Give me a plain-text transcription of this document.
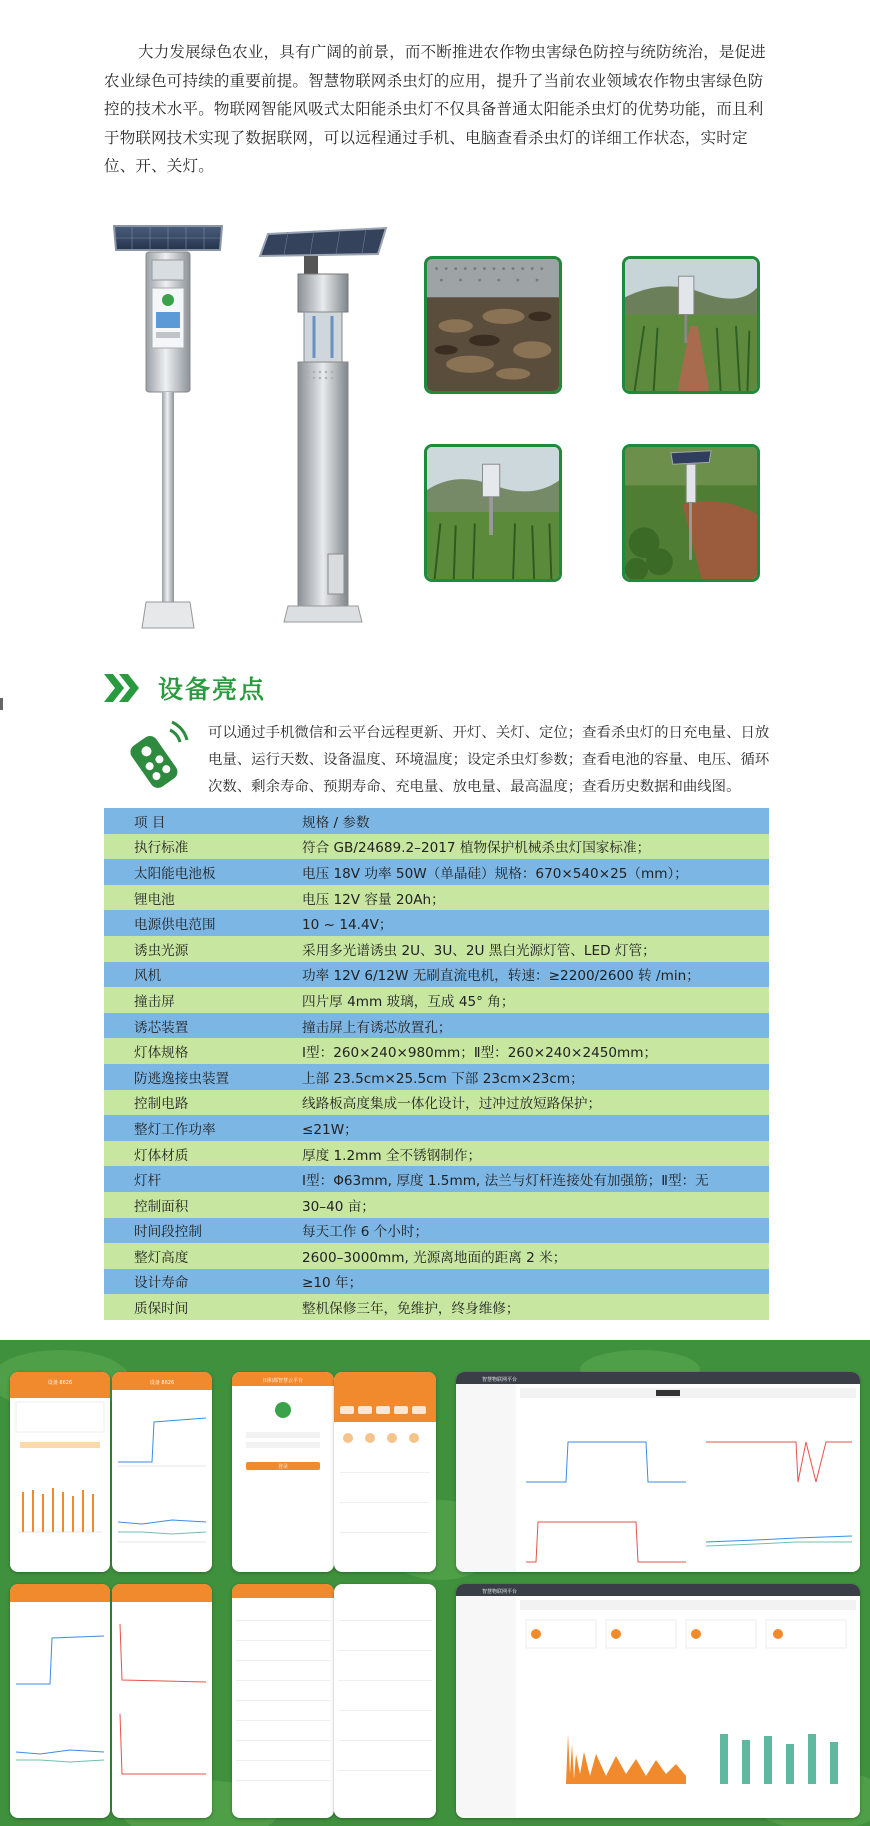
大力发展绿色农业，具有广阔的前景，而不断推进农作物虫害绿色防控与统防统治，是促进农业绿色可持续的重要前提。智慧物联网杀虫灯的应用，提升了当前农业领域农作物虫害绿色防控的技术水平。物联网智能风吸式太阳能杀虫灯不仅具备普通太阳能杀虫灯的优势功能，而且利于物联网技术实现了数据联网，可以远程通过手机、电脑查看杀虫灯的详细工作状态，实时定位、开、关灯。
设备亮点
可以通过手机微信和云平台远程更新、开灯、关灯、定位；查看杀虫灯的日充电量、日放电量、运行天数、设备温度、环境温度；设定杀虫灯参数；查看电池的容量、电压、循环次数、剩余寿命、预期寿命、充电量、放电量、最高温度；查看历史数据和曲线图。
项 目	规格 / 参数
执行标准	符合 GB/24689.2–2017 植物保护机械杀虫灯国家标准；
太阳能电池板	电压 18V 功率 50W（单晶硅）规格：670×540×25（mm）；
锂电池	电压 12V 容量 20Ah；
电源供电范围	10 ~ 14.4V；
诱虫光源	采用多光谱诱虫 2U、3U、2U 黑白光源灯管、LED 灯管；
风机	功率 12V 6/12W 无刷直流电机，转速：≥2200/2600 转 /min；
撞击屏	四片厚 4mm 玻璃，互成 45° 角；
诱芯装置	撞击屏上有诱芯放置孔；
灯体规格	Ⅰ型：260×240×980mm；Ⅱ型：260×240×2450mm；
防逃逸接虫装置	上部 23.5cm×25.5cm 下部 23cm×23cm；
控制电路	线路板高度集成一体化设计，过冲过放短路保护；
整灯工作功率	≤21W；
灯体材质	厚度 1.2mm 全不锈钢制作；
灯杆	Ⅰ型：Φ63mm, 厚度 1.5mm, 法兰与灯杆连接处有加强筋；Ⅱ型：无
控制面积	30–40 亩；
时间段控制	每天工作 6 个小时；
整灯高度	2600–3000mm, 光源离地面的距离 2 米；
设计寿命	≥10 年；
质保时间	整机保修三年，免维护，终身维修；
设备 8626	设备 8626	田积都智慧云平台
登录
智慧物联网平台
智慧物联网平台
